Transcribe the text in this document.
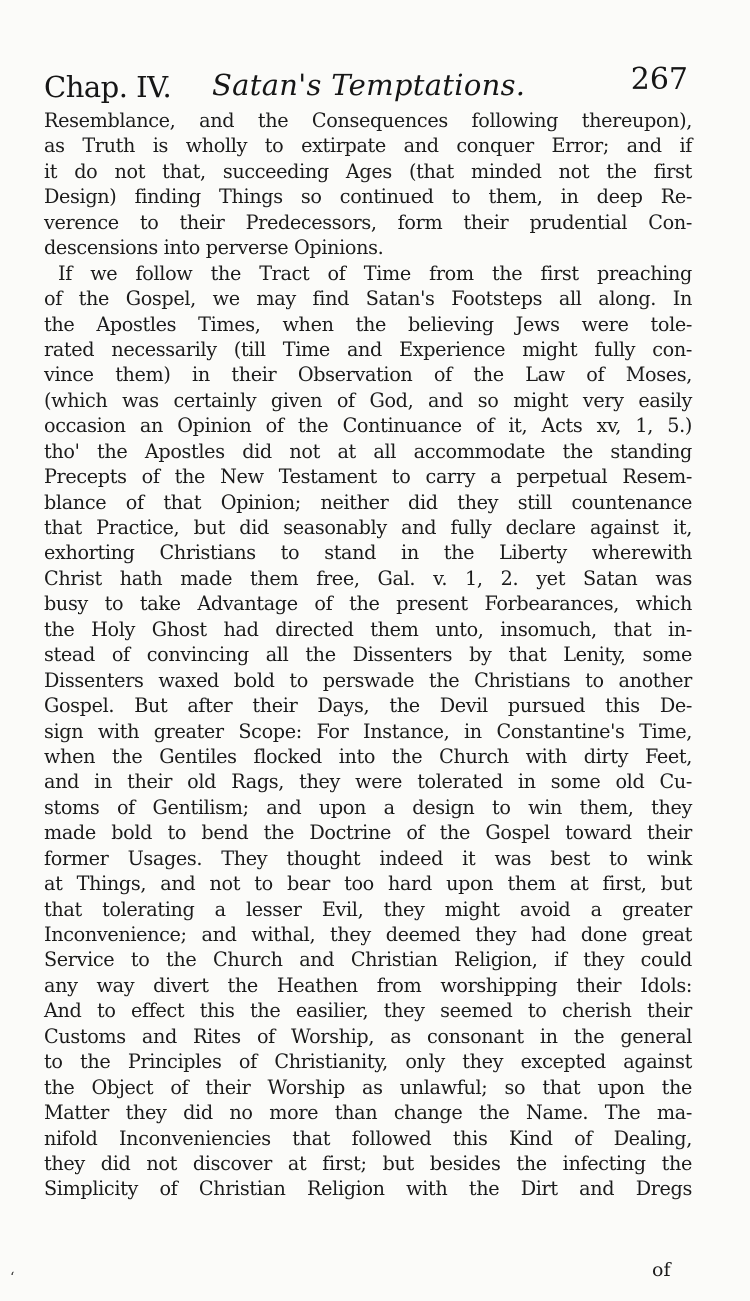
Chap. IV. Satan's Temptations.	267
Resemblance, and the Consequences following thereupon),
as Truth is wholly to extirpate and conquer Error; and if
it do not that, succeeding Ages (that minded not the first
Design) finding Things so continued to them, in deep Re-
verence to their Predecessors, form their prudential Con-
descensions into perverse Opinions.
If we follow the Tract of Time from the first preaching
of the Gospel, we may find Satan's Footsteps all along. In
the Apostles Times, when the believing Jews were tole-
rated necessarily (till Time and Experience might fully con-
vince them) in their Observation of the Law of Moses,
(which was certainly given of God, and so might very easily
occasion an Opinion of the Continuance of it, Acts xv, 1, 5.)
tho' the Apostles did not at all accommodate the standing
Precepts of the New Testament to carry a perpetual Resem-
blance of that Opinion; neither did they still countenance
that Practice, but did seasonably and fully declare against it,
exhorting Christians to stand in the Liberty wherewith
Christ hath made them free, Gal. v. 1, 2. yet Satan was
busy to take Advantage of the present Forbearances, which
the Holy Ghost had directed them unto, insomuch, that in-
stead of convincing all the Dissenters by that Lenity, some
Dissenters waxed bold to perswade the Christians to another
Gospel. But after their Days, the Devil pursued this De-
sign with greater Scope: For Instance, in Constantine's Time,
when the Gentiles flocked into the Church with dirty Feet,
and in their old Rags, they were tolerated in some old Cu-
stoms of Gentilism; and upon a design to win them, they
made bold to bend the Doctrine of the Gospel toward their
former Usages. They thought indeed it was best to wink
at Things, and not to bear too hard upon them at first, but
that tolerating a lesser Evil, they might avoid a greater
Inconvenience; and withal, they deemed they had done great
Service to the Church and Christian Religion, if they could
any way divert the Heathen from worshipping their Idols:
And to effect this the easilier, they seemed to cherish their
Customs and Rites of Worship, as consonant in the general
to the Principles of Christianity, only they excepted against
the Object of their Worship as unlawful; so that upon the
Matter they did no more than change the Name. The ma-
nifold Inconveniencies that followed this Kind of Dealing,
they did not discover at first; but besides the infecting the
Simplicity of Christian Religion with the Dirt and Dregs
of
‘
